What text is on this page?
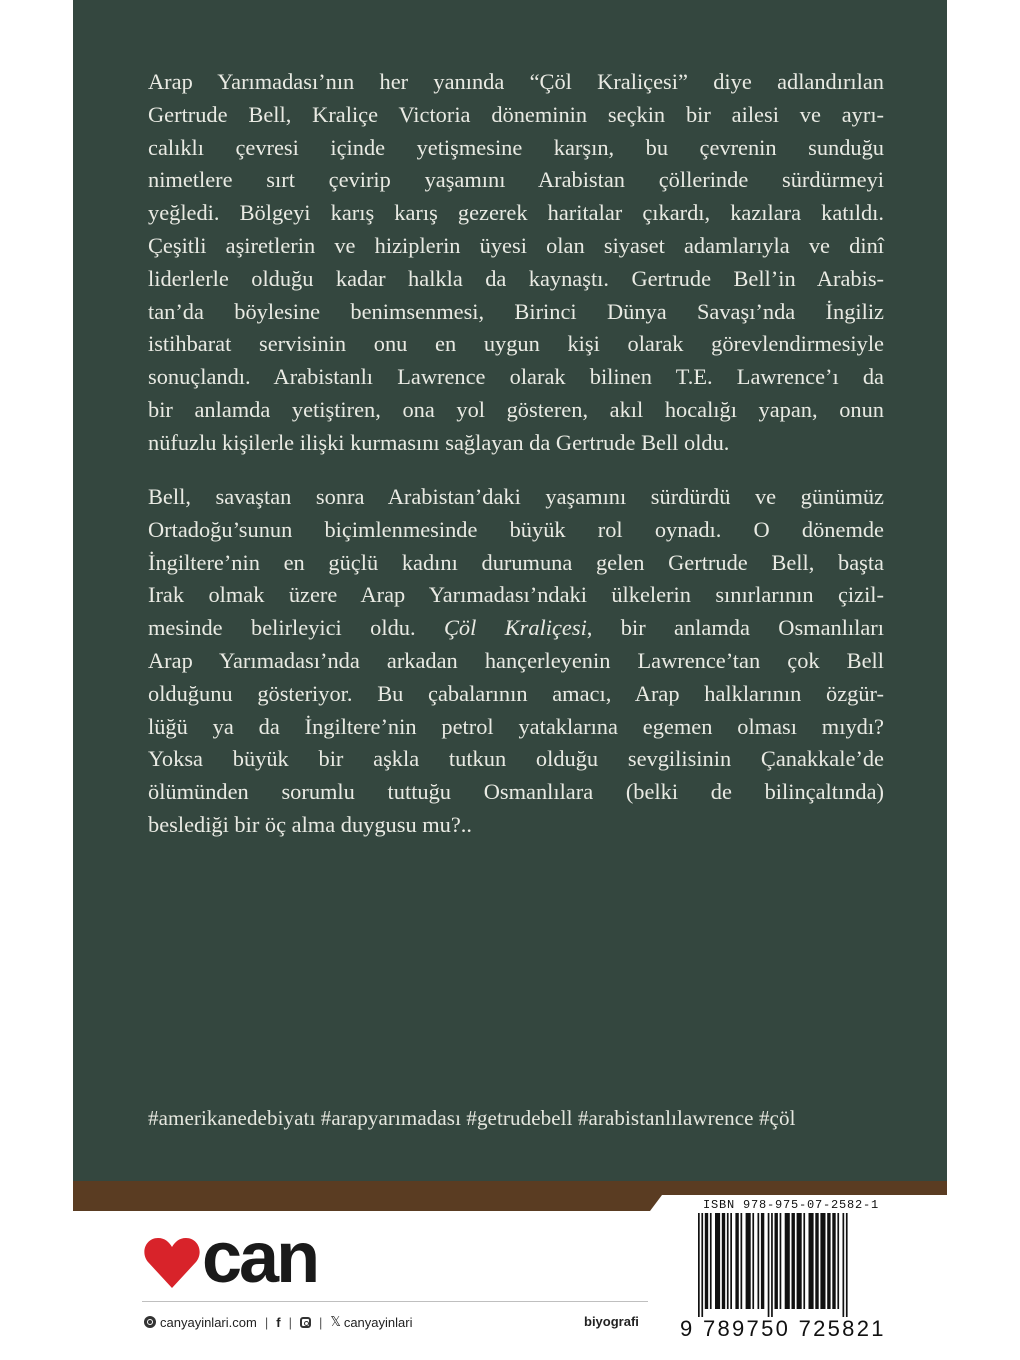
Arap Yarımadası’nın her yanında “Çöl Kraliçesi” diye adlandırılan
Gertrude Bell, Kraliçe Victoria döneminin seçkin bir ailesi ve ayrı-
calıklı çevresi içinde yetişmesine karşın, bu çevrenin sunduğu
nimetlere sırt çevirip yaşamını Arabistan çöllerinde sürdürmeyi
yeğledi. Bölgeyi karış karış gezerek haritalar çıkardı, kazılara katıldı.
Çeşitli aşiretlerin ve hiziplerin üyesi olan siyaset adamlarıyla ve dinî
liderlerle olduğu kadar halkla da kaynaştı. Gertrude Bell’in Arabis-
tan’da böylesine benimsenmesi, Birinci Dünya Savaşı’nda İngiliz
istihbarat servisinin onu en uygun kişi olarak görevlendirmesiyle
sonuçlandı. Arabistanlı Lawrence olarak bilinen T.E. Lawrence’ı da
bir anlamda yetiştiren, ona yol gösteren, akıl hocalığı yapan, onun
nüfuzlu kişilerle ilişki kurmasını sağlayan da Gertrude Bell oldu.
Bell, savaştan sonra Arabistan’daki yaşamını sürdürdü ve günümüz
Ortadoğu’sunun biçimlenmesinde büyük rol oynadı. O dönemde
İngiltere’nin en güçlü kadını durumuna gelen Gertrude Bell, başta
Irak olmak üzere Arap Yarımadası’ndaki ülkelerin sınırlarının çizil-
mesinde belirleyici oldu. Çöl Kraliçesi, bir anlamda Osmanlıları
Arap Yarımadası’nda arkadan hançerleyenin Lawrence’tan çok Bell
olduğunu gösteriyor. Bu çabalarının amacı, Arap halklarının özgür-
lüğü ya da İngiltere’nin petrol yataklarına egemen olması mıydı?
Yoksa büyük bir aşkla tutkun olduğu sevgilisinin Çanakkale’de
ölümünden sorumlu tuttuğu Osmanlılara (belki de bilinçaltında)
beslediği bir öç alma duygusu mu?..
#amerikanedebiyatı #arapyarımadası #getrudebell #arabistanlılawrence #çöl
can
canyayinlari.com | f | | 𝕏 canyayinlari	biyografi
ISBN 978-975-07-2582-1
9 789750 725821
